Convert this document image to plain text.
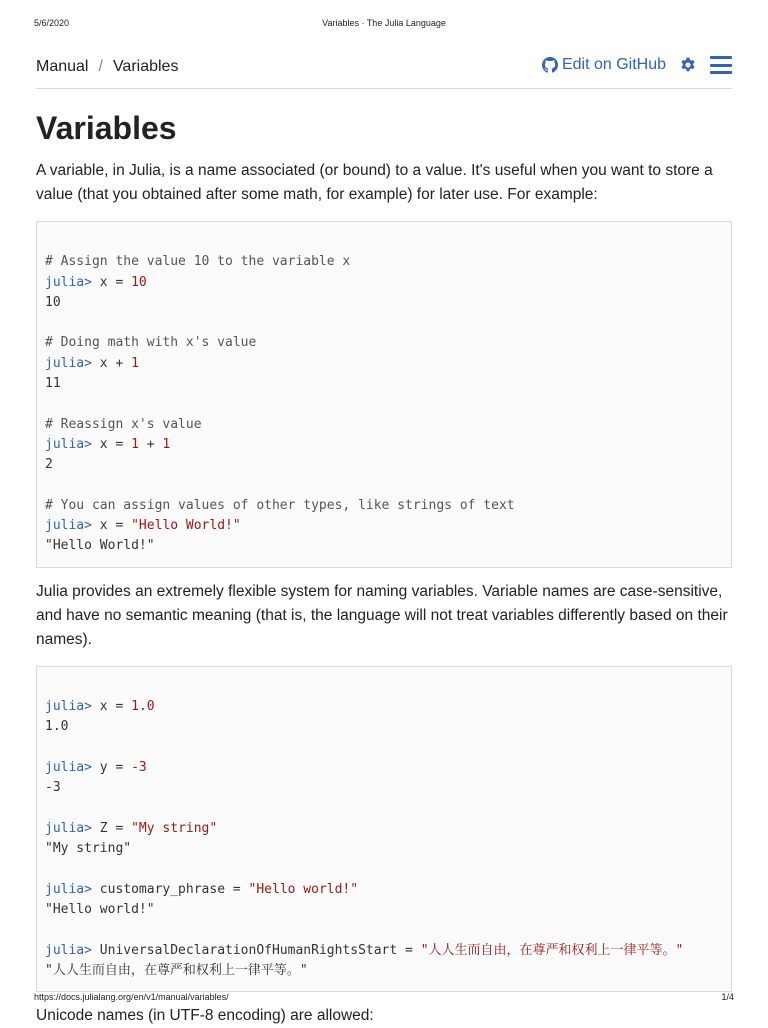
5/6/2020	Variables · The Julia Language
Manual / Variables	Edit on GitHub
Variables

A variable, in Julia, is a name associated (or bound) to a value. It's useful when you want to store a value (that you obtained after some math, for example) for later use. For example:

# Assign the value 10 to the variable x
julia> x = 10
10
# Doing math with x's value
julia> x + 1
11
# Reassign x's value
julia> x = 1 + 1
2
# You can assign values of other types, like strings of text
julia> x = "Hello World!"
"Hello World!"

Julia provides an extremely flexible system for naming variables. Variable names are case-sensitive, and have no semantic meaning (that is, the language will not treat variables differently based on their names).

julia> x = 1.0
1.0
julia> y = -3
-3
julia> Z = "My string"
"My string"
julia> customary_phrase = "Hello world!"
"Hello world!"
julia> UniversalDeclarationOfHumanRightsStart = "人人生而自由，在尊严和权利上一律平等。"
"人人生而自由，在尊严和权利上一律平等。"

Unicode names (in UTF-8 encoding) are allowed:

https://docs.julialang.org/en/v1/manual/variables/	1/4
